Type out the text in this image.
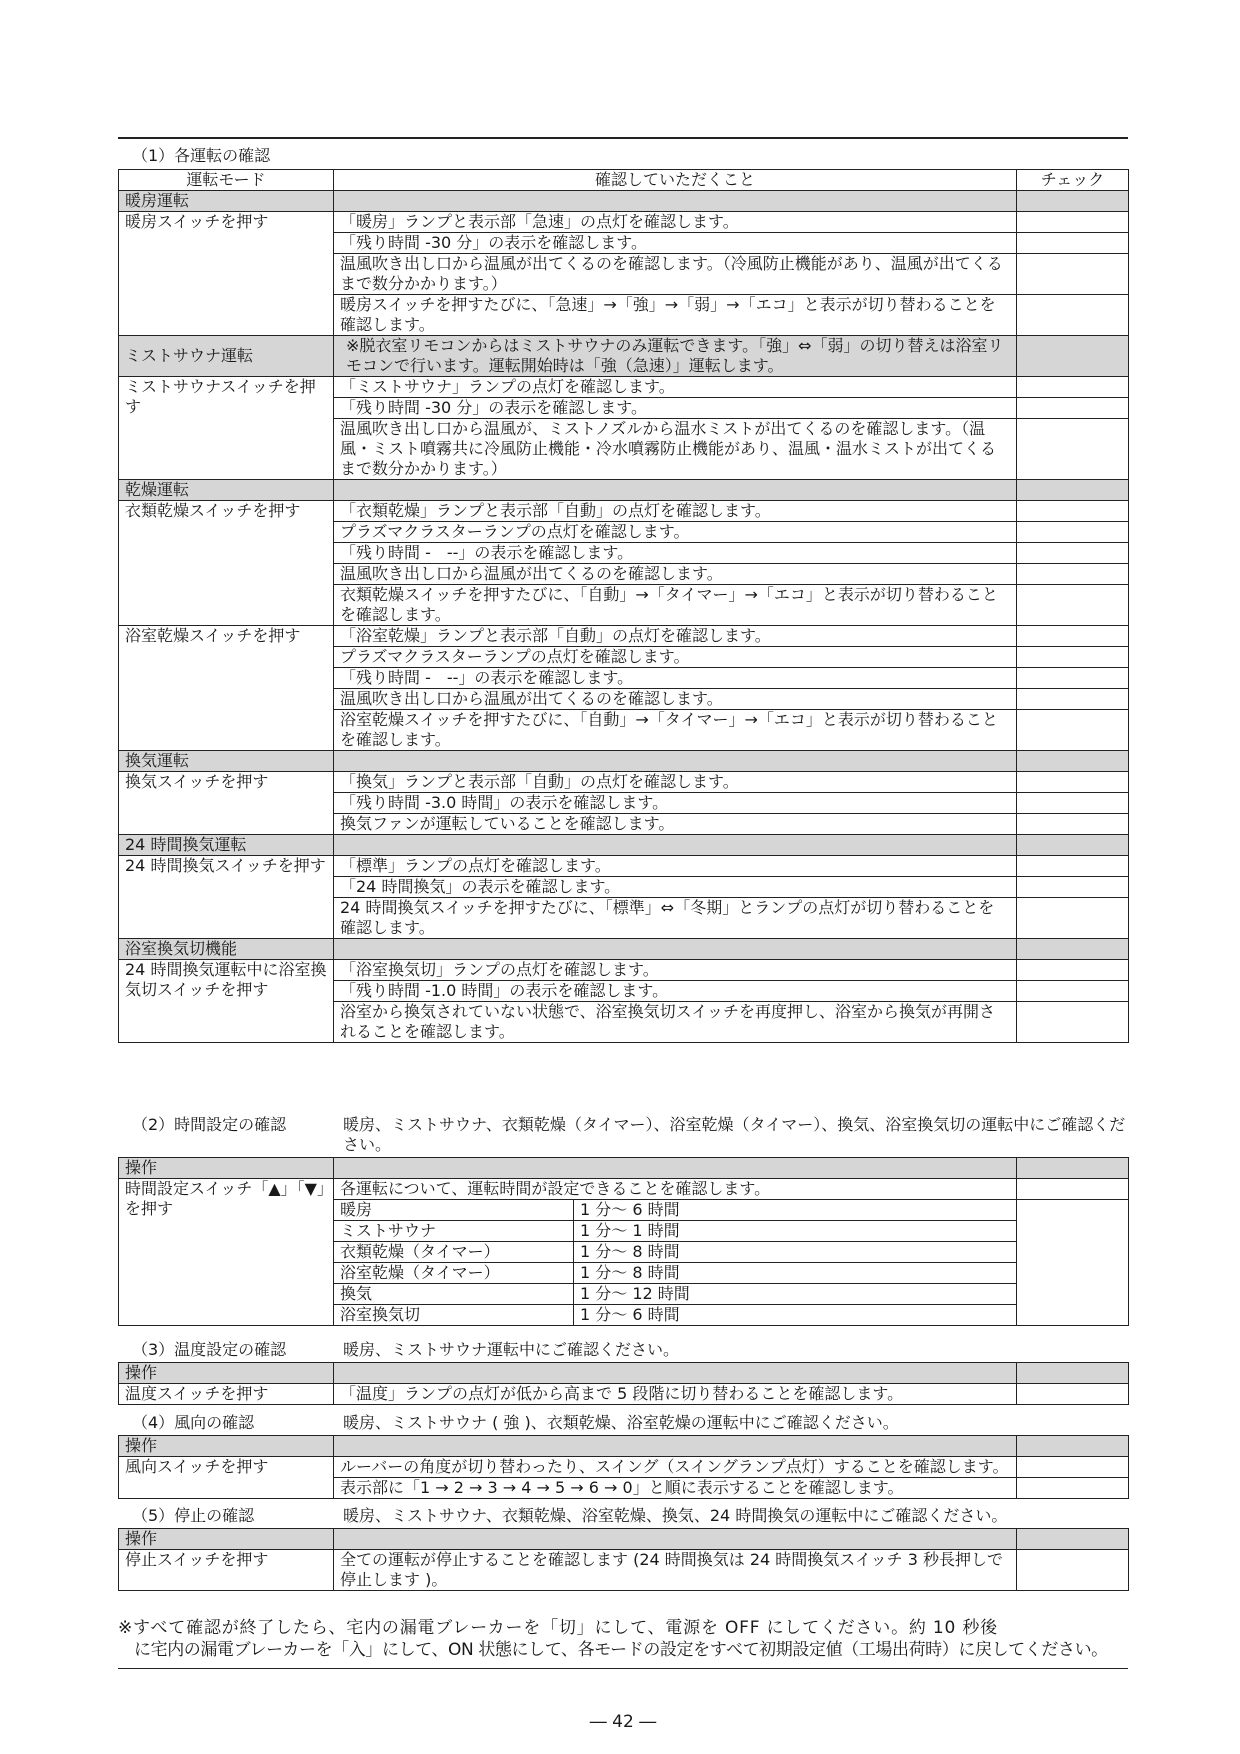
（1）各運転の確認
運転モード	確認していただくこと	チェック
暖房運転		
暖房スイッチを押す	「暖房」ランプと表示部「急速」の点灯を確認します。	
	「残り時間 -30 分」の表示を確認します。	
	温風吹き出し口から温風が出てくるのを確認します。（冷風防止機能があり、温風が出てくるまで数分かかります。）	
	暖房スイッチを押すたびに、「急速」→「強」→「弱」→「エコ」と表示が切り替わることを確認します。	
ミストサウナ運転	※脱衣室リモコンからはミストサウナのみ運転できます。「強」⇔「弱」の切り替えは浴室リモコンで行います。運転開始時は「強（急速）」運転します。	
ミストサウナスイッチを押す	「ミストサウナ」ランプの点灯を確認します。	
	「残り時間 -30 分」の表示を確認します。	
	温風吹き出し口から温風が、ミストノズルから温水ミストが出てくるのを確認します。（温風・ミスト噴霧共に冷風防止機能・冷水噴霧防止機能があり、温風・温水ミストが出てくるまで数分かかります。）	
乾燥運転		
衣類乾燥スイッチを押す	「衣類乾燥」ランプと表示部「自動」の点灯を確認します。	
	プラズマクラスターランプの点灯を確認します。	
	「残り時間 -　--」の表示を確認します。	
	温風吹き出し口から温風が出てくるのを確認します。	
	衣類乾燥スイッチを押すたびに、「自動」→「タイマー」→「エコ」と表示が切り替わることを確認します。	
浴室乾燥スイッチを押す	「浴室乾燥」ランプと表示部「自動」の点灯を確認します。	
	プラズマクラスターランプの点灯を確認します。	
	「残り時間 -　--」の表示を確認します。	
	温風吹き出し口から温風が出てくるのを確認します。	
	浴室乾燥スイッチを押すたびに、「自動」→「タイマー」→「エコ」と表示が切り替わることを確認します。	
換気運転		
換気スイッチを押す	「換気」ランプと表示部「自動」の点灯を確認します。	
	「残り時間 -3.0 時間」の表示を確認します。	
	換気ファンが運転していることを確認します。	
24 時間換気運転		
24 時間換気スイッチを押す	「標準」ランプの点灯を確認します。	
	「24 時間換気」の表示を確認します。	
	24 時間換気スイッチを押すたびに、「標準」⇔「冬期」とランプの点灯が切り替わることを確認します。	
浴室換気切機能		
24 時間換気運転中に浴室換気切スイッチを押す	「浴室換気切」ランプの点灯を確認します。	
	「残り時間 -1.0 時間」の表示を確認します。	
	浴室から換気されていない状態で、浴室換気切スイッチを再度押し、浴室から換気が再開されることを確認します。	
（2）時間設定の確認	暖房、ミストサウナ、衣類乾燥（タイマー）、浴室乾燥（タイマー）、換気、浴室換気切の運転中にご確認ください。
操作		
時間設定スイッチ「▲」「▼」を押す	各運転について、運転時間が設定できることを確認します。	

暖房	1 分～ 6 時間
ミストサウナ	1 分～ 1 時間
衣類乾燥（タイマー）	1 分～ 8 時間
浴室乾燥（タイマー）	1 分～ 8 時間
換気	1 分～ 12 時間
浴室換気切	1 分～ 6 時間

（3）温度設定の確認	暖房、ミストサウナ運転中にご確認ください。
操作		
温度スイッチを押す	「温度」ランプの点灯が低から高まで 5 段階に切り替わることを確認します。	
（4）風向の確認	暖房、ミストサウナ ( 強 )、衣類乾燥、浴室乾燥の運転中にご確認ください。
操作		
風向スイッチを押す	ルーバーの角度が切り替わったり、スイング（スイングランプ点灯）することを確認します。	
	表示部に「1 → 2 → 3 → 4 → 5 → 6 → 0」と順に表示することを確認します。	
（5）停止の確認	暖房、ミストサウナ、衣類乾燥、浴室乾燥、換気、24 時間換気の運転中にご確認ください。
操作		
停止スイッチを押す	全ての運転が停止することを確認します (24 時間換気は 24 時間換気スイッチ 3 秒長押しで停止します )。	
※すべて確認が終了したら、宅内の漏電ブレーカーを「切」にして、電源を OFF にしてください。約 10 秒後
に宅内の漏電ブレーカーを「入」にして、ON 状態にして、各モードの設定をすべて初期設定値（工場出荷時）に戻してください。
― 42 ―
